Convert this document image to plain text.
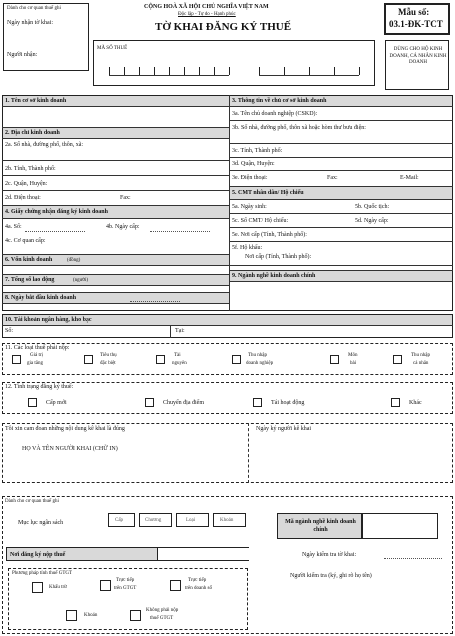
Dành cho cơ quan thuế ghi
Ngày nhận tờ khai:
Người nhận:
CỘNG HOÀ XÃ HỘI CHỦ NGHĨA VIỆT NAM
Độc lập - Tự do - Hạnh phúc
TỜ KHAI ĐĂNG KÝ THUẾ
Mẫu số:
03.1-ĐK-TCT
DÙNG CHO HỘ KINH DOANH, CÁ NHÂN KINH DOANH
MÃ SỐ THUẾ
1. Tên cơ sở kinh doanh
2. Địa chỉ kinh doanh
2a. Số nhà, đường phố, thôn, xã:
2b. Tỉnh, Thành phố:
2c. Quận, Huyện:
2d. Điện thoại:	Fax:
4. Giấy chứng nhận đăng ký kinh doanh
4a. Số:	4b. Ngày cấp:
4c. Cơ quan cấp:
6. Vốn kinh doanh	(đồng)
7. Tổng số lao động	(người)
8. Ngày bắt đầu kinh doanh
3. Thông tin về chủ cơ sở kinh doanh
3a. Tên chủ doanh nghiệp (CSKD):
3b. Số nhà, đường phố, thôn xã hoặc hòm thư bưu điện:
3c. Tỉnh, Thành phố:
3d. Quận, Huyện:
3e. Điện thoại:	Fax:	E-Mail:
5. CMT nhân dân/ Hộ chiếu
5a. Ngày sinh:	5b. Quốc tịch:
5c. Số CMT/ Hộ chiếu:	5d. Ngày cấp:
5e. Nơi cấp (Tỉnh, Thành phố):
5f. Hộ khẩu:
Nơi cấp (Tỉnh, Thành phố):
9. Ngành nghề kinh doanh chính
10. Tài khoản ngân hàng, kho bạc
Số:	Tại:
11. Các loại thuế phải nộp:
Giá trị
gia tăng
Tiêu thụ
đặc biệt
Tài
nguyên
Thu nhập
doanh nghiệp
Môn
bài
Thu nhập
cá nhân
12. Tình trạng đăng ký thuế:
Cấp mới	Chuyển địa điểm	Tái hoạt động	Khác
Tôi xin cam đoan những nội dung kê khai là đúng
HỌ VÀ TÊN NGƯỜI KHAI (CHỮ IN)
Ngày ký người kê khai
Dành cho cơ quan thuế ghi
Mục lục ngân sách	Cấp	Chương	Loại	Khoản	Mã ngành nghề kinh doanh chính
Nơi đăng ký nộp thuế
Phương pháp tính thuế GTGT
Khấu trừ
Trực tiếp
trên GTGT
Trực tiếp
trên doanh số
Khoán
Không phải nộp
thuế GTGT
Ngày kiểm tra tờ khai:
Người kiểm tra (ký, ghi rõ họ tên)
